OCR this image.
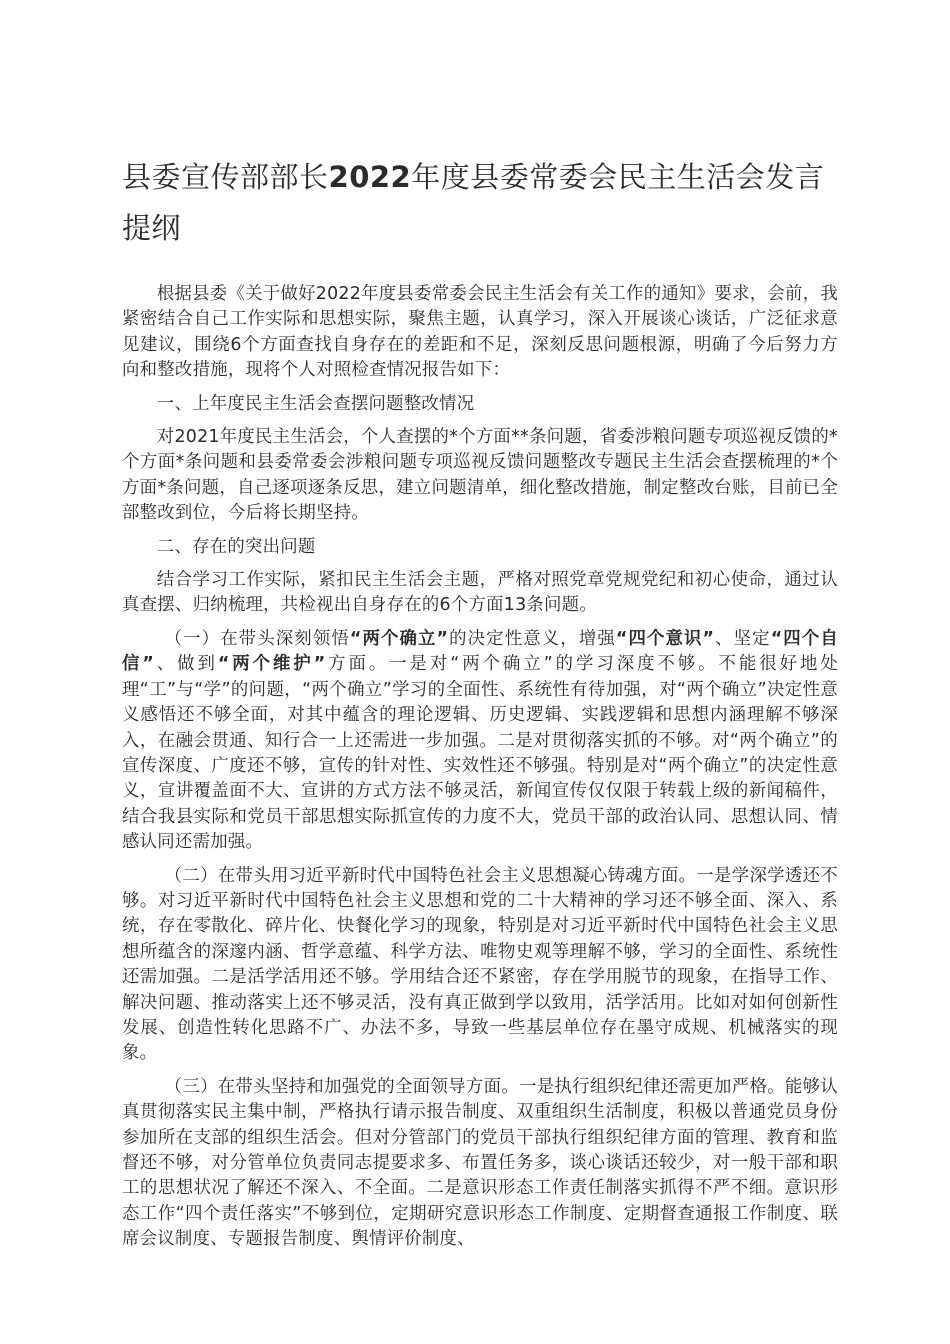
县委宣传部部长2022年度县委常委会民主生活会发言提纲

根据县委《关于做好2022年度县委常委会民主生活会有关工作的通知》要求，会前，我紧密结合自己工作实际和思想实际，聚焦主题，认真学习，深入开展谈心谈话，广泛征求意见建议，围绕6个方面查找自身存在的差距和不足，深刻反思问题根源，明确了今后努力方向和整改措施，现将个人对照检查情况报告如下：

一、上年度民主生活会查摆问题整改情况

对2021年度民主生活会，个人查摆的*个方面**条问题，省委涉粮问题专项巡视反馈的*个方面*条问题和县委常委会涉粮问题专项巡视反馈问题整改专题民主生活会查摆梳理的*个方面*条问题，自己逐项逐条反思，建立问题清单，细化整改措施，制定整改台账，目前已全部整改到位，今后将长期坚持。

二、存在的突出问题

结合学习工作实际，紧扣民主生活会主题，严格对照党章党规党纪和初心使命，通过认真查摆、归纳梳理，共检视出自身存在的6个方面13条问题。

（一）在带头深刻领悟“两个确立”的决定性意义，增强“四个意识”、坚定“四个自信”、做到“两个维护”方面。一是对“两个确立”的学习深度不够。不能很好地处理“工”与“学”的问题，“两个确立”学习的全面性、系统性有待加强，对“两个确立”决定性意义感悟还不够全面，对其中蕴含的理论逻辑、历史逻辑、实践逻辑和思想内涵理解不够深入，在融会贯通、知行合一上还需进一步加强。二是对贯彻落实抓的不够。对“两个确立”的宣传深度、广度还不够，宣传的针对性、实效性还不够强。特别是对“两个确立”的决定性意义，宣讲覆盖面不大、宣讲的方式方法不够灵活，新闻宣传仅仅限于转载上级的新闻稿件，结合我县实际和党员干部思想实际抓宣传的力度不大，党员干部的政治认同、思想认同、情感认同还需加强。

（二）在带头用习近平新时代中国特色社会主义思想凝心铸魂方面。一是学深学透还不够。对习近平新时代中国特色社会主义思想和党的二十大精神的学习还不够全面、深入、系统，存在零散化、碎片化、快餐化学习的现象，特别是对习近平新时代中国特色社会主义思想所蕴含的深邃内涵、哲学意蕴、科学方法、唯物史观等理解不够，学习的全面性、系统性还需加强。二是活学活用还不够。学用结合还不紧密，存在学用脱节的现象，在指导工作、解决问题、推动落实上还不够灵活，没有真正做到学以致用，活学活用。比如对如何创新性发展、创造性转化思路不广、办法不多，导致一些基层单位存在墨守成规、机械落实的现象。

（三）在带头坚持和加强党的全面领导方面。一是执行组织纪律还需更加严格。能够认真贯彻落实民主集中制，严格执行请示报告制度、双重组织生活制度，积极以普通党员身份参加所在支部的组织生活会。但对分管部门的党员干部执行组织纪律方面的管理、教育和监督还不够，对分管单位负责同志提要求多、布置任务多，谈心谈话还较少，对一般干部和职工的思想状况了解还不深入、不全面。二是意识形态工作责任制落实抓得不严不细。意识形态工作“四个责任落实”不够到位，定期研究意识形态工作制度、定期督查通报工作制度、联席会议制度、专题报告制度、舆情评价制度、
